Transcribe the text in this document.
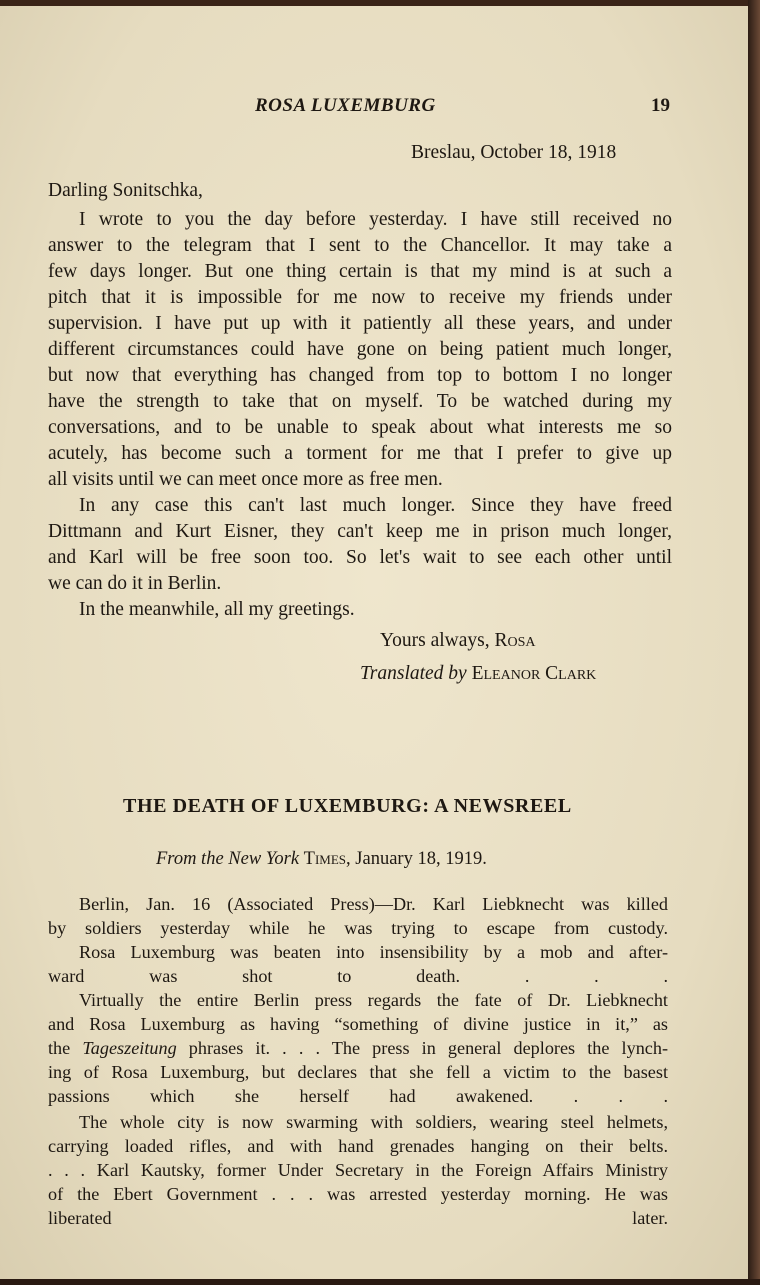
ROSA LUXEMBURG	19
Breslau, October 18, 1918
Darling Sonitschka,
I wrote to you the day before yesterday. I have still received no
answer to the telegram that I sent to the Chancellor. It may take a
few days longer. But one thing certain is that my mind is at such a
pitch that it is impossible for me now to receive my friends under
supervision. I have put up with it patiently all these years, and under
different circumstances could have gone on being patient much longer,
but now that everything has changed from top to bottom I no longer
have the strength to take that on myself. To be watched during my
conversations, and to be unable to speak about what interests me so
acutely, has become such a torment for me that I prefer to give up
all visits until we can meet once more as free men.
In any case this can't last much longer. Since they have freed
Dittmann and Kurt Eisner, they can't keep me in prison much longer,
and Karl will be free soon too. So let's wait to see each other until
we can do it in Berlin.
In the meanwhile, all my greetings.
Yours always, Rosa
Translated by Eleanor Clark
THE DEATH OF LUXEMBURG: A NEWSREEL
From the New York Times, January 18, 1919.
Berlin, Jan. 16 (Associated Press)—Dr. Karl Liebknecht was killed
by soldiers yesterday while he was trying to escape from custody.
Rosa Luxemburg was beaten into insensibility by a mob and after-
ward was shot to death. . . .
Virtually the entire Berlin press regards the fate of Dr. Liebknecht
and Rosa Luxemburg as having “something of divine justice in it,” as
the Tageszeitung phrases it. . . . The press in general deplores the lynch-
ing of Rosa Luxemburg, but declares that she fell a victim to the basest
passions which she herself had awakened. . . .
The whole city is now swarming with soldiers, wearing steel helmets,
carrying loaded rifles, and with hand grenades hanging on their belts.
. . . Karl Kautsky, former Under Secretary in the Foreign Affairs Ministry
of the Ebert Government . . . was arrested yesterday morning. He was
liberated later.
